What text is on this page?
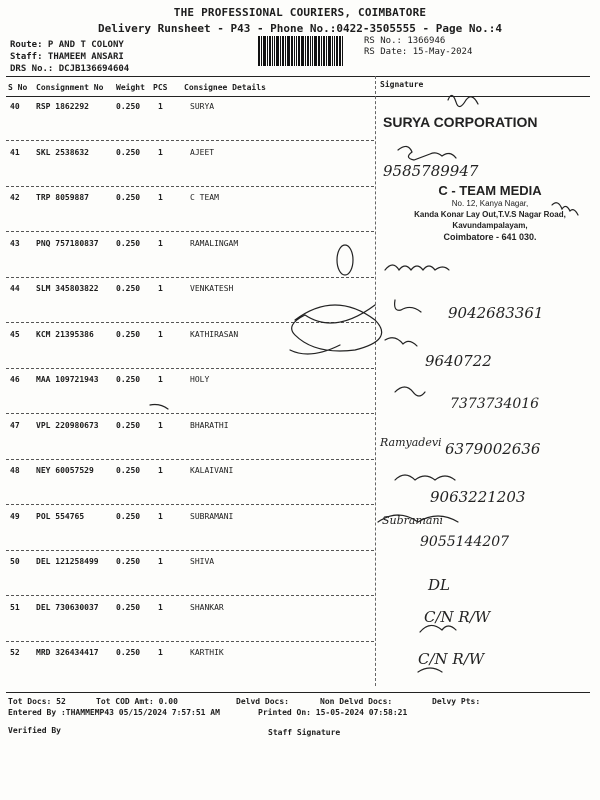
THE PROFESSIONAL COURIERS, COIMBATORE
Delivery Runsheet - P43 - Phone No.:0422-3505555 - Page No.:4
Route: P AND T COLONY
Staff: THAMEEM ANSARI
DRS No.: DCJB136694604
RS No.: 1366946
RS Date: 15-May-2024
S No Consignment No Weight PCS Consignee Details	Signature
40 RSP 1862292	0.250 1	SURYA
41 SKL 2538632	0.250 1	AJEET
42 TRP 8059887	0.250 1	C TEAM
43 PNQ 757180837 0.250 1	RAMALINGAM
44 SLM 345803822 0.250 1	VENKATESH
45 KCM 21395386	0.250 1	KATHIRASAN
46 MAA 109721943 0.250 1	HOLY
47 VPL 220980673 0.250 1	BHARATHI
48 NEY 60057529	0.250 1	KALAIVANI
49 POL 554765	0.250 1	SUBRAMANI
50 DEL 121258499 0.250 1	SHIVA
51 DEL 730630037 0.250 1	SHANKAR
52 MRD 326434417 0.250 1	KARTHIK
SURYA CORPORATION
C - TEAM MEDIA
No. 12, Kanya Nagar,
Kanda Konar Lay Out,T.V.S Nagar Road,
Kavundampalayam,
Coimbatore - 641 030.
9585789947
9042683361
9640722
7373734016
Ramyadevi 6379002636
9063221203
Subramani
9055144207
DL
C/N R/W
C/N R/W
Tot Docs: 52	Tot COD Amt: 0.00	Delvd Docs:	Non Delvd Docs:	Delvy Pts:
Entered By :THAMMEMP43 05/15/2024 7:57:51 AM	Printed On: 15-05-2024 07:58:21
Verified By	Staff Signature
